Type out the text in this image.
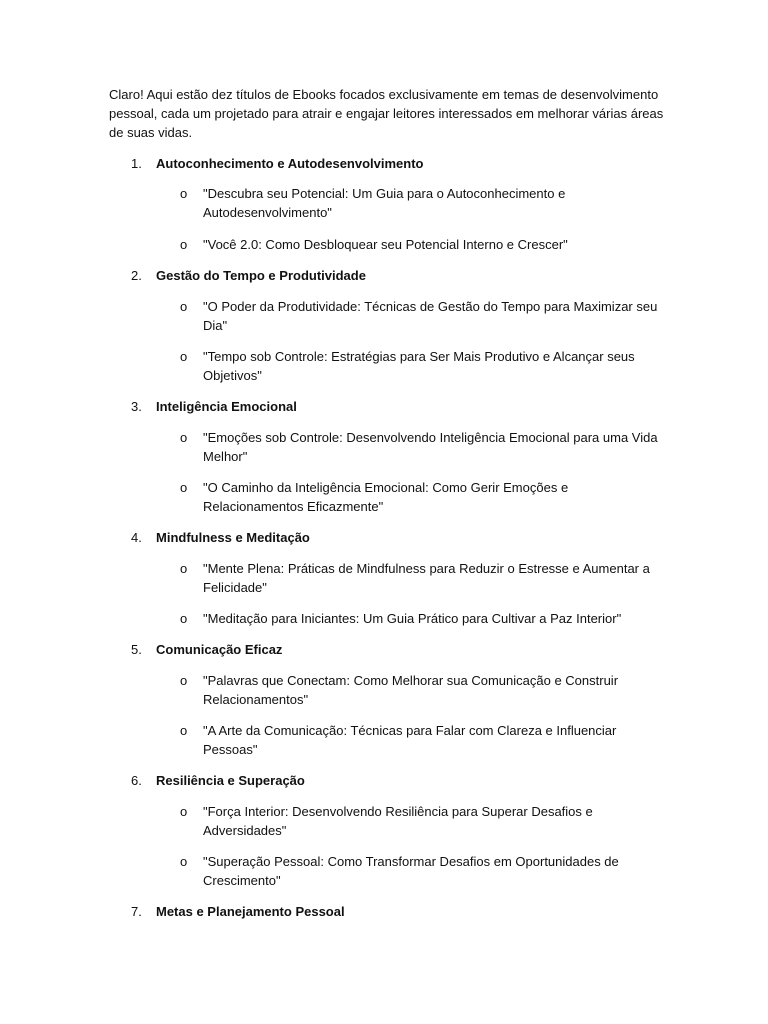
Claro! Aqui estão dez títulos de Ebooks focados exclusivamente em temas de desenvolvimento pessoal, cada um projetado para atrair e engajar leitores interessados em melhorar várias áreas de suas vidas.

1.	Autoconhecimento e Autodesenvolvimento
o "Descubra seu Potencial: Um Guia para o Autoconhecimento e Autodesenvolvimento"
o "Você 2.0: Como Desbloquear seu Potencial Interno e Crescer"
2.	Gestão do Tempo e Produtividade
o "O Poder da Produtividade: Técnicas de Gestão do Tempo para Maximizar seu Dia"
o "Tempo sob Controle: Estratégias para Ser Mais Produtivo e Alcançar seus Objetivos"
3.	Inteligência Emocional
o "Emoções sob Controle: Desenvolvendo Inteligência Emocional para uma Vida Melhor"
o "O Caminho da Inteligência Emocional: Como Gerir Emoções e Relacionamentos Eficazmente"
4.	Mindfulness e Meditação
o "Mente Plena: Práticas de Mindfulness para Reduzir o Estresse e Aumentar a Felicidade"
o "Meditação para Iniciantes: Um Guia Prático para Cultivar a Paz Interior"
5.	Comunicação Eficaz
o "Palavras que Conectam: Como Melhorar sua Comunicação e Construir Relacionamentos"
o "A Arte da Comunicação: Técnicas para Falar com Clareza e Influenciar Pessoas"
6.	Resiliência e Superação
o "Força Interior: Desenvolvendo Resiliência para Superar Desafios e Adversidades"
o "Superação Pessoal: Como Transformar Desafios em Oportunidades de Crescimento"
7.	Metas e Planejamento Pessoal
